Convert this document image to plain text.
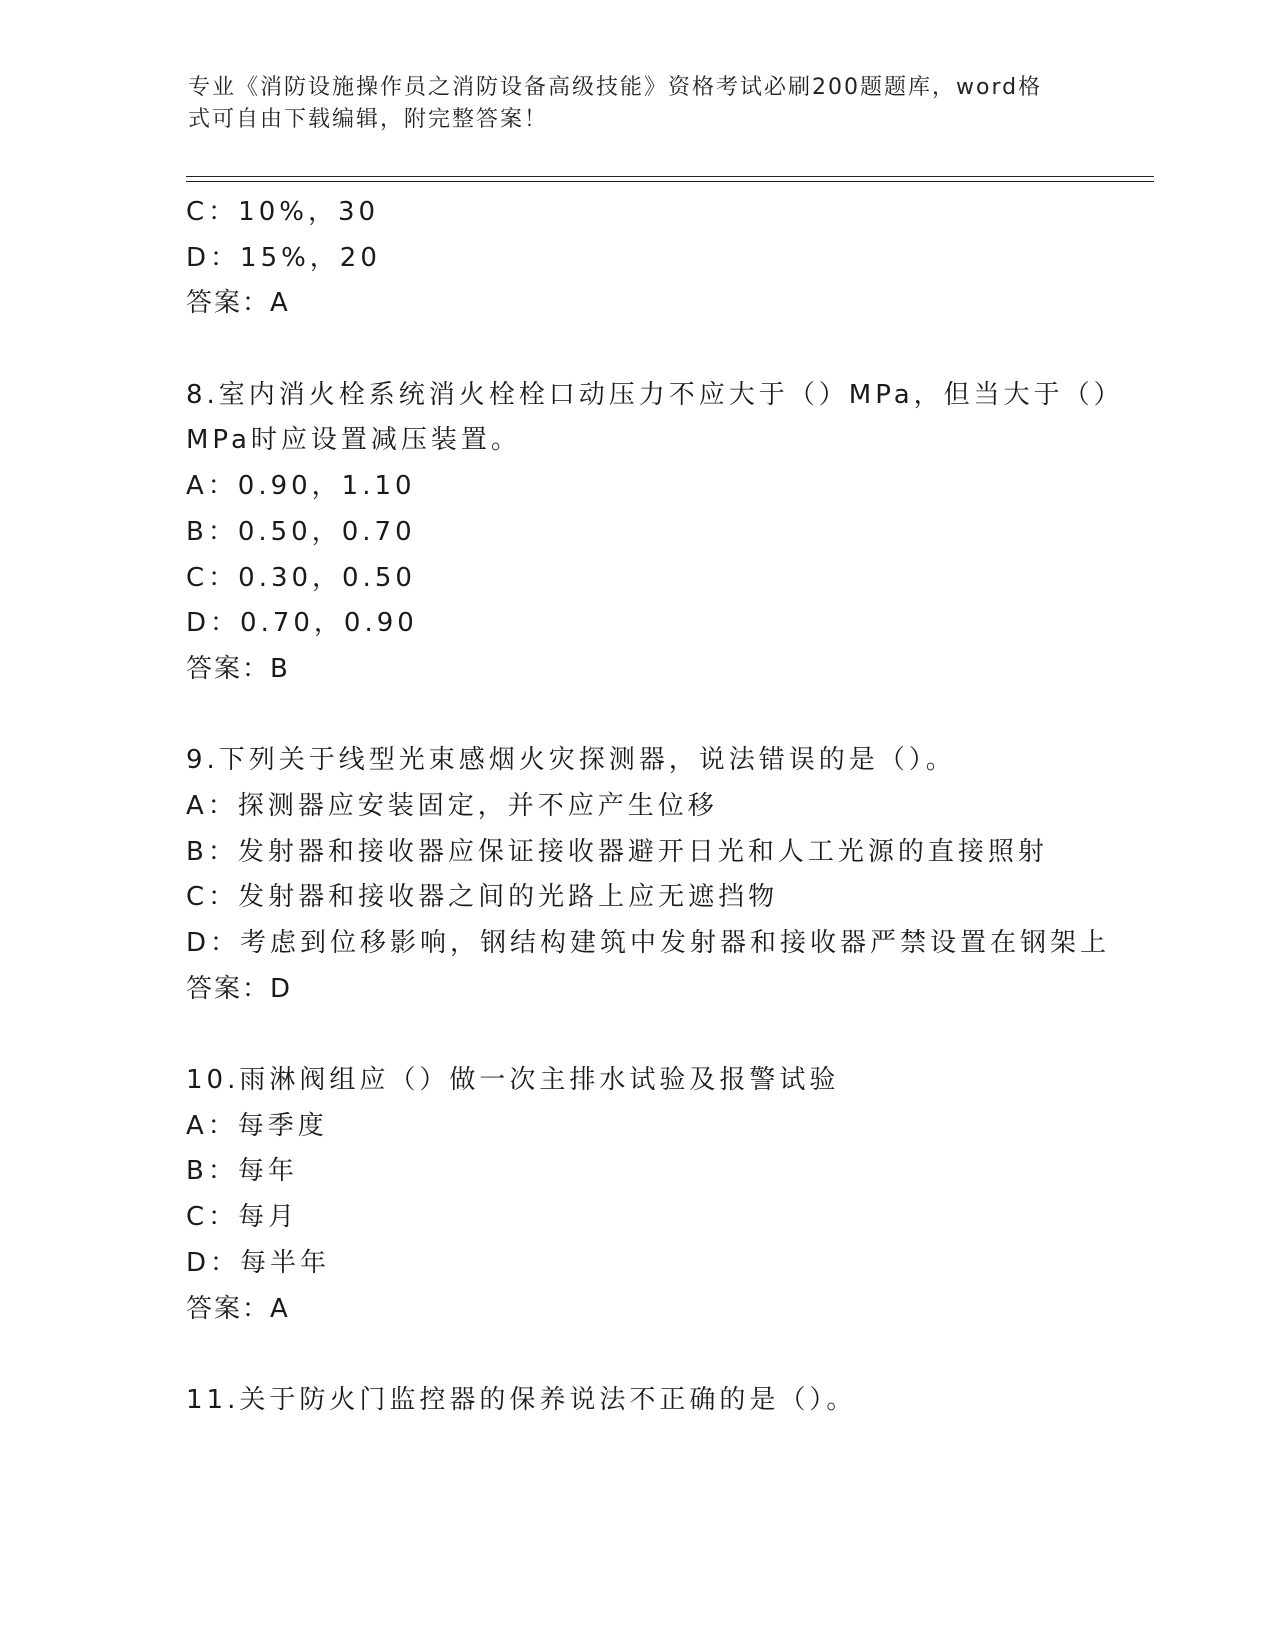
专业《消防设施操作员之消防设备高级技能》资格考试必刷200题题库，word格
式可自由下载编辑，附完整答案！
C：10%，30
D：15%，20
答案：A
8.室内消火栓系统消火栓栓口动压力不应大于（）MPa，但当大于（）
MPa时应设置减压装置。
A：0.90，1.10
B：0.50，0.70
C：0.30，0.50
D：0.70，0.90
答案：B
9.下列关于线型光束感烟火灾探测器，说法错误的是（）。
A：探测器应安装固定，并不应产生位移
B：发射器和接收器应保证接收器避开日光和人工光源的直接照射
C：发射器和接收器之间的光路上应无遮挡物
D：考虑到位移影响，钢结构建筑中发射器和接收器严禁设置在钢架上
答案：D
10.雨淋阀组应（）做一次主排水试验及报警试验
A：每季度
B：每年
C：每月
D：每半年
答案：A
11.关于防火门监控器的保养说法不正确的是（）。
